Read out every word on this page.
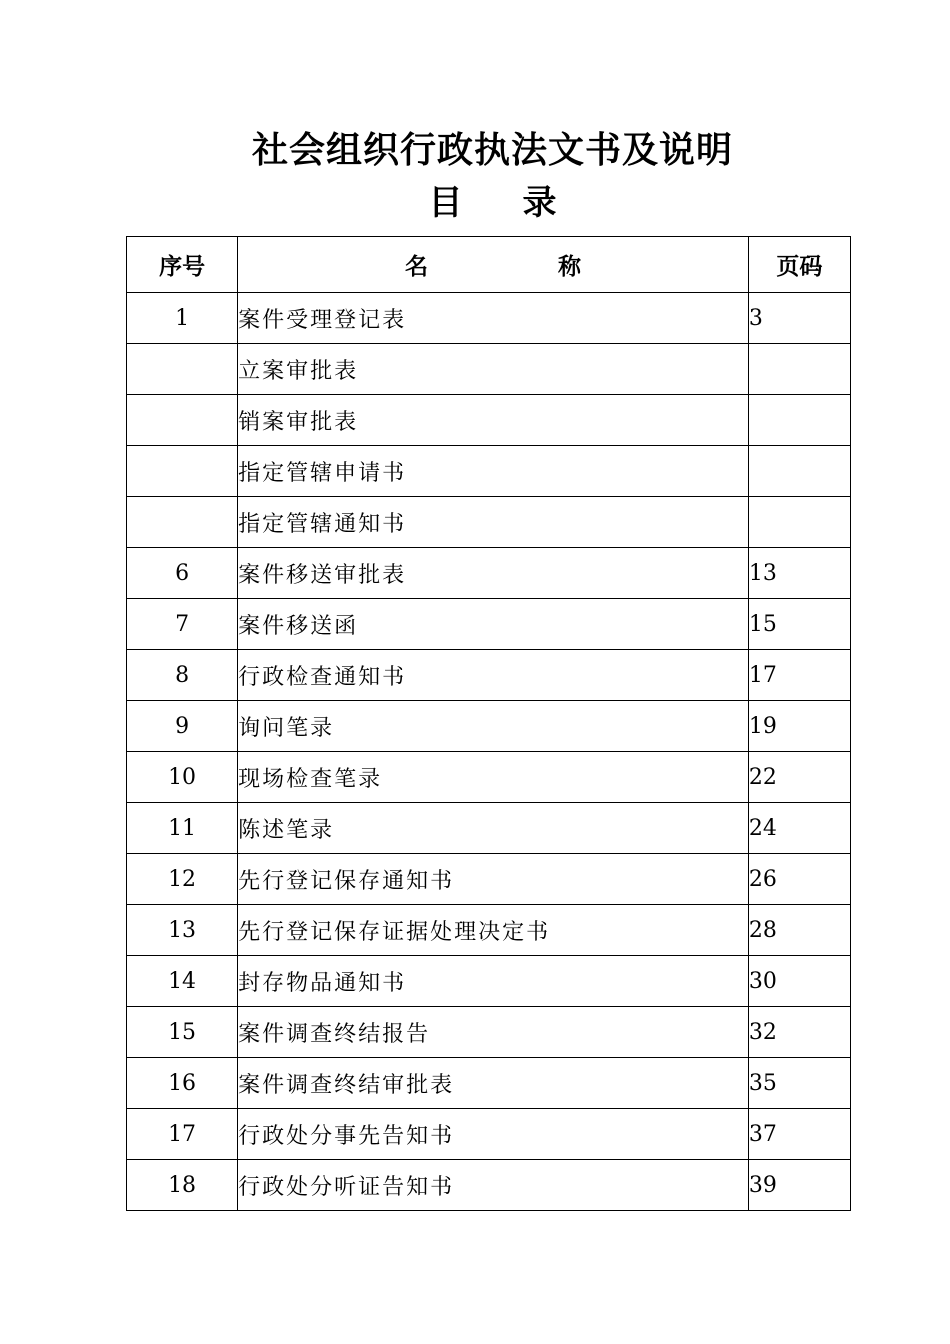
社会组织行政执法文书及说明
目 录
序号	名 称	页码
1	案件受理登记表	3
	立案审批表	
	销案审批表	
	指定管辖申请书	
	指定管辖通知书	
6	案件移送审批表	13
7	案件移送函	15
8	行政检查通知书	17
9	询问笔录	19
10	现场检查笔录	22
11	陈述笔录	24
12	先行登记保存通知书	26
13	先行登记保存证据处理决定书	28
14	封存物品通知书	30
15	案件调查终结报告	32
16	案件调查终结审批表	35
17	行政处分事先告知书	37
18	行政处分听证告知书	39
